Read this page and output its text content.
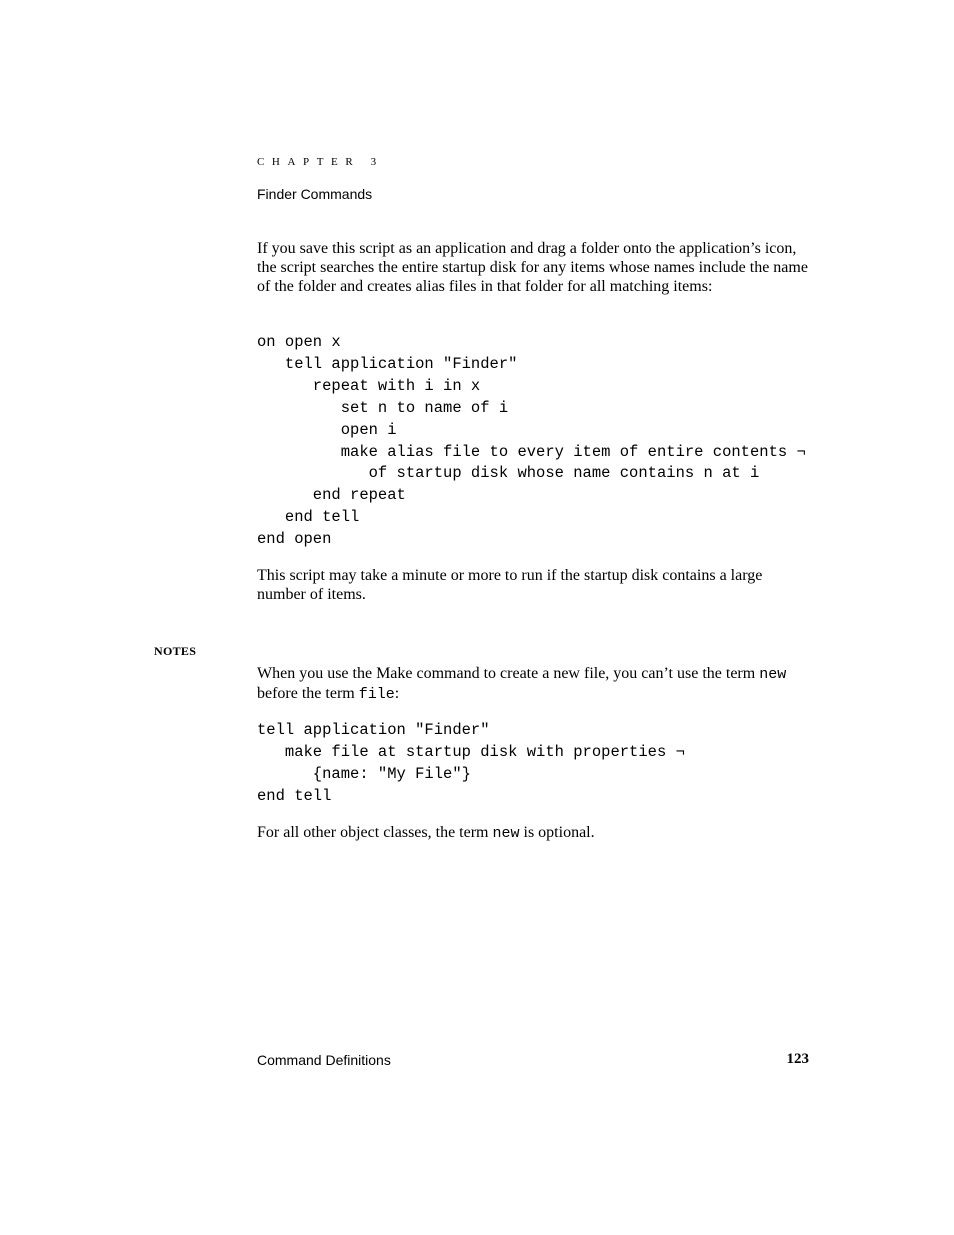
CHAPTER 3
Finder Commands

If you save this script as an application and drag a folder onto the application’s icon, the script searches the entire startup disk for any items whose names include the name of the folder and creates alias files in that folder for all matching items:

on open x
tell application "Finder"
repeat with i in x
set n to name of i
open i
make alias file to every item of entire contents ¬
of startup disk whose name contains n at i
end repeat
end tell
end open

This script may take a minute or more to run if the startup disk contains a large number of items.

NOTES

When you use the Make command to create a new file, you can’t use the term new before the term file:

tell application "Finder"
make file at startup disk with properties ¬
{name: "My File"}
end tell

For all other object classes, the term new is optional.

Command Definitions	123
